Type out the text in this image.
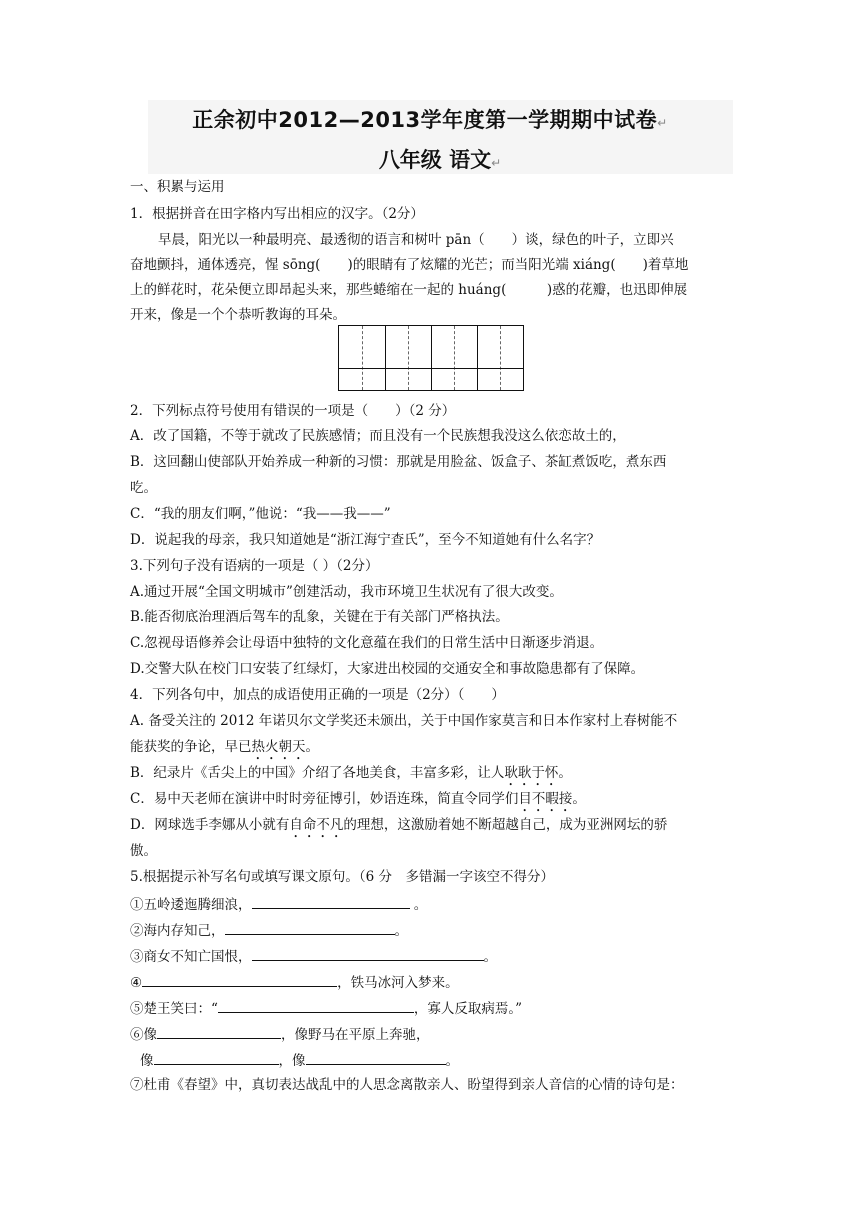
正余初中2012—2013学年度第一学期期中试卷↵
八年级 语文↵
一、积累与运用
1．根据拼音在田字格内写出相应的汉字。（2分）
早晨，阳光以一种最明亮、最透彻的语言和树叶 pān（　　）谈，绿色的叶子，立即兴
奋地颤抖，通体透亮，惺 sōng(　　)的眼睛有了炫耀的光芒；而当阳光端 xiáng(　　)着草地
上的鲜花时，花朵便立即昂起头来，那些蜷缩在一起的 huáng(　　　)惑的花瓣，也迅即伸展
开来，像是一个个恭听教诲的耳朵。
2．下列标点符号使用有错误的一项是（　　）（2 分）
A．改了国籍，不等于就改了民族感情；而且没有一个民族想我没这么依恋故土的，
B．这回翻山使部队开始养成一种新的习惯：那就是用脸盆、饭盒子、茶缸煮饭吃，煮东西
吃。
C．“我的朋友们啊，”他说：“我——我——”
D．说起我的母亲，我只知道她是“浙江海宁查氏”，至今不知道她有什么名字？
3.下列句子没有语病的一项是（ ）（2分）
A.通过开展“全国文明城市”创建活动，我市环境卫生状况有了很大改变。
B.能否彻底治理酒后驾车的乱象，关键在于有关部门严格执法。
C.忽视母语修养会让母语中独特的文化意蕴在我们的日常生活中日渐逐步消退。
D.交警大队在校门口安装了红绿灯，大家进出校园的交通安全和事故隐患都有了保障。
4．下列各句中，加点的成语使用正确的一项是（2分）（　　）
A. 备受关注的 2012 年诺贝尔文学奖还未颁出，关于中国作家莫言和日本作家村上春树能不
能获奖的争论，早已热火朝天。
B．纪录片《舌尖上的中国》介绍了各地美食，丰富多彩，让人耿耿于怀。
C．易中天老师在演讲中时时旁征博引，妙语连珠，简直令同学们目不暇接。
D．网球选手李娜从小就有自命不凡的理想，这激励着她不断超越自己，成为亚洲网坛的骄
傲。
5.根据提示补写名句或填写课文原句。（6 分　多错漏一字该空不得分）
①五岭逶迤腾细浪，	。
②海内存知己，	。
③商女不知亡国恨，	。
④	，铁马冰河入梦来。
⑤楚王笑曰：“	，寡人反取病焉。”
⑥像	，像野马在平原上奔驰，
像	，像	。
⑦杜甫《春望》中，真切表达战乱中的人思念离散亲人、盼望得到亲人音信的心情的诗句是：
